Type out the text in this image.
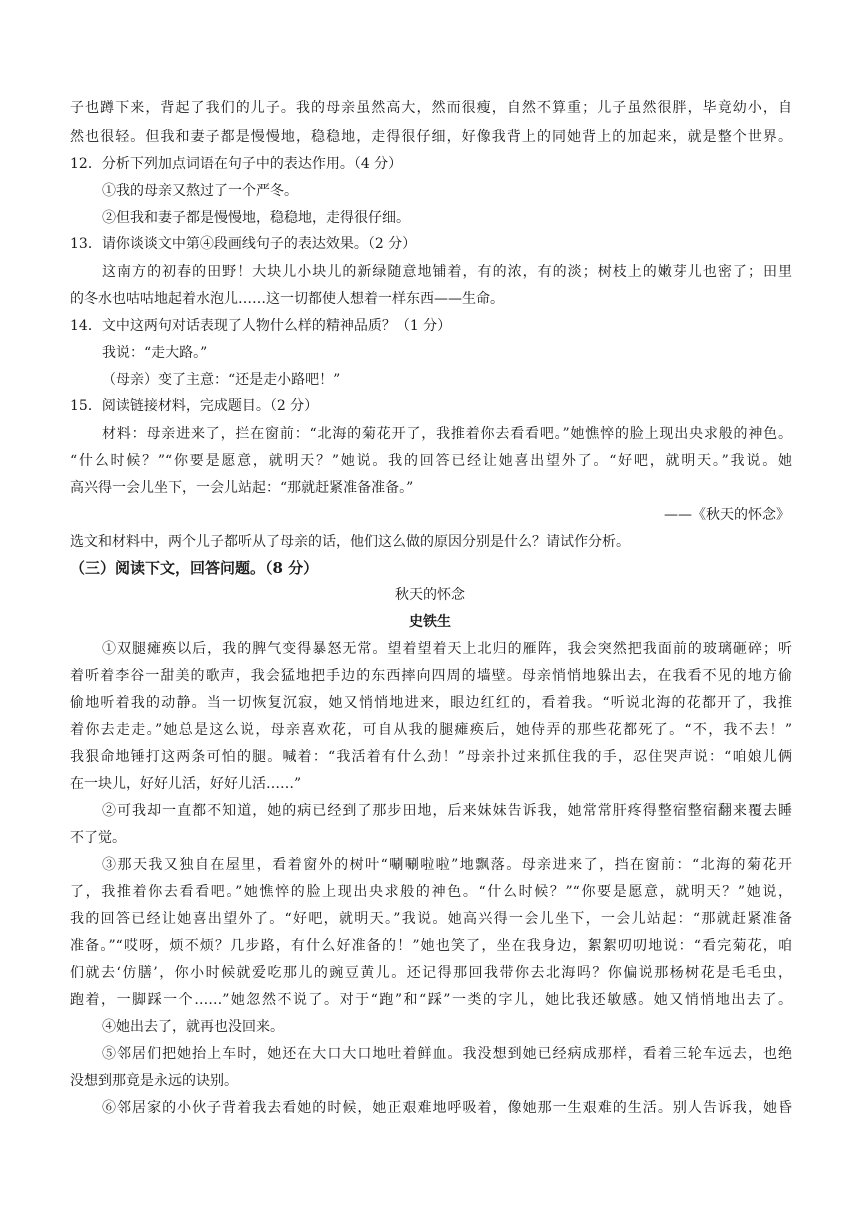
子也蹲下来，背起了我们的儿子。我的母亲虽然高大，然而很瘦，自然不算重；儿子虽然很胖，毕竟幼小，自
然也很轻。但我和妻子都是慢慢地，稳稳地，走得很仔细，好像我背上的同她背上的加起来，就是整个世界。
12．分析下列加点词语在句子中的表达作用。（4 分）
①我的母亲又熬过了一个严冬。
②但我和妻子都是慢慢地，稳稳地，走得很仔细。
13．请你谈谈文中第④段画线句子的表达效果。（2 分）
这南方的初春的田野！大块儿小块儿的新绿随意地铺着，有的浓，有的淡；树枝上的嫩芽儿也密了；田里
的冬水也咕咕地起着水泡儿……这一切都使人想着一样东西——生命。
14．文中这两句对话表现了人物什么样的精神品质？（1 分）
我说：“走大路。”
（母亲）变了主意：“还是走小路吧！”
15．阅读链接材料，完成题目。（2 分）
材料：母亲进来了，拦在窗前：“北海的菊花开了，我推着你去看看吧。”她憔悴的脸上现出央求般的神色。
“什么时候？”“你要是愿意，就明天？”她说。我的回答已经让她喜出望外了。“好吧，就明天。”我说。她
高兴得一会儿坐下，一会儿站起：“那就赶紧准备准备。”
——《秋天的怀念》
选文和材料中，两个儿子都听从了母亲的话，他们这么做的原因分别是什么？请试作分析。
（三）阅读下文，回答问题。（8 分）
秋天的怀念
史铁生
①双腿瘫痪以后，我的脾气变得暴怒无常。望着望着天上北归的雁阵，我会突然把我面前的玻璃砸碎；听
着听着李谷一甜美的歌声，我会猛地把手边的东西摔向四周的墙壁。母亲悄悄地躲出去，在我看不见的地方偷
偷地听着我的动静。当一切恢复沉寂，她又悄悄地进来，眼边红红的，看着我。“听说北海的花都开了，我推
着你去走走。”她总是这么说，母亲喜欢花，可自从我的腿瘫痪后，她侍弄的那些花都死了。“不，我不去！”
我狠命地锤打这两条可怕的腿。喊着：“我活着有什么劲！”母亲扑过来抓住我的手，忍住哭声说：“咱娘儿俩
在一块儿，好好儿活，好好儿活……”
②可我却一直都不知道，她的病已经到了那步田地，后来妹妹告诉我，她常常肝疼得整宿整宿翻来覆去睡
不了觉。
③那天我又独自在屋里，看着窗外的树叶“唰唰啦啦”地飘落。母亲进来了，挡在窗前：“北海的菊花开
了，我推着你去看看吧。”她憔悴的脸上现出央求般的神色。“什么时候？”“你要是愿意，就明天？”她说，
我的回答已经让她喜出望外了。“好吧，就明天。”我说。她高兴得一会儿坐下，一会儿站起：“那就赶紧准备
准备。”“哎呀，烦不烦？几步路，有什么好准备的！”她也笑了，坐在我身边，絮絮叨叨地说：“看完菊花，咱
们就去‘仿膳’，你小时候就爱吃那儿的豌豆黄儿。还记得那回我带你去北海吗？你偏说那杨树花是毛毛虫，
跑着，一脚踩一个……”她忽然不说了。对于“跑”和“踩”一类的字儿，她比我还敏感。她又悄悄地出去了。
④她出去了，就再也没回来。
⑤邻居们把她抬上车时，她还在大口大口地吐着鲜血。我没想到她已经病成那样，看着三轮车远去，也绝
没想到那竟是永远的诀别。
⑥邻居家的小伙子背着我去看她的时候，她正艰难地呼吸着，像她那一生艰难的生活。别人告诉我，她昏
